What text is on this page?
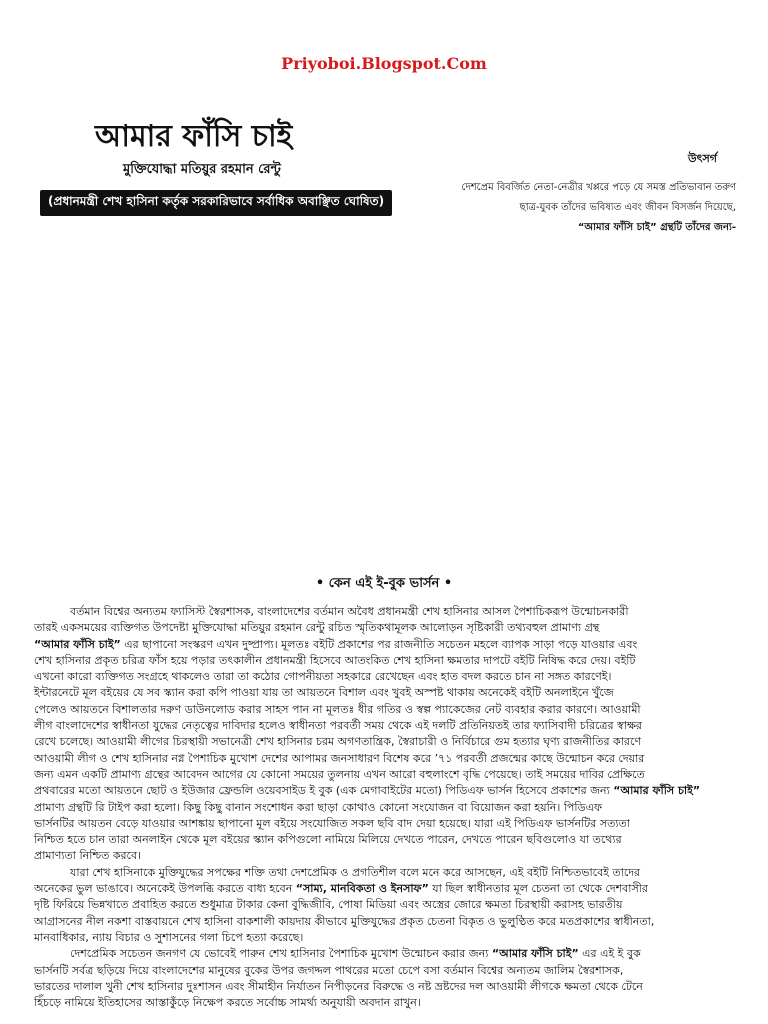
Priyoboi.Blogspot.Com
আমার ফাঁসি চাই
মুক্তিযোদ্ধা মতিয়ুর রহমান রেন্টু
(প্রধানমন্ত্রী শেখ হাসিনা কর্তৃক সরকারিভাবে সর্বাধিক অবাঞ্ছিত ঘোষিত)
উৎসর্গ
দেশপ্রেম বিবর্জিত নেতা-নেত্রীর খপ্পরে পড়ে যে সমস্ত প্রতিভাবান তরুণ
ছাত্র-যুবক তাঁদের ভবিষ্যত এবং জীবন বিসর্জন দিয়েছে,
“আমার ফাঁসি চাই” গ্রন্থটি তাঁদের জন্য-
• কেন এই ই-বুক ভার্সন •

বর্তমান বিশ্বের অন্যতম ফ্যাসিস্ট স্বৈরশাসক, বাংলাদেশের বর্তমান অবৈধ প্রধানমন্ত্রী শেখ হাসিনার আসল পৈশাচিকরূপ উন্মোচনকারী
তারই একসময়ের ব্যক্তিগত উপদেষ্টা মুক্তিযোদ্ধা মতিয়ুর রহমান রেন্টু রচিত স্মৃতিকথামূলক আলোড়ন সৃষ্টিকারী তথ্যবহুল প্রামাণ্য গ্রন্থ
“আমার ফাঁসি চাই” এর ছাপানো সংস্করণ এখন দুষ্প্রাপ্য। মূলতঃ বইটি প্রকাশের পর রাজনীতি সচেতন মহলে ব্যাপক সাড়া পড়ে যাওয়ার এবং
শেখ হাসিনার প্রকৃত চরিত্র ফাঁস হয়ে পড়ার তৎকালীন প্রধানমন্ত্রী হিসেবে আতংকিত শেখ হাসিনা ক্ষমতার দাপটে বইটি নিষিদ্ধ করে দেয়। বইটি
এখনো কারো ব্যক্তিগত সংগ্রহে থাকলেও তারা তা কঠোর গোপনীয়তা সহকারে রেখেছেন এবং হাত বদল করতে চান না সঙ্গত কারণেই।
ইন্টারনেটে মূল বইয়ের যে সব স্ক্যান করা কপি পাওয়া যায় তা আয়তনে বিশাল এবং খুবই অস্পষ্ট থাকায় অনেকেই বইটি অনলাইনে খুঁজে
পেলেও আয়তনে বিশালতার দরুণ ডাউনলোড করার সাহস পান না মূলতঃ ধীর গতির ও স্বল্প প্যাকেজের নেট ব্যবহার করার কারণে। আওয়ামী
লীগ বাংলাদেশের স্বাধীনতা যুদ্ধের নেতৃত্বের দাবিদার হলেও স্বাধীনতা পরবর্তী সময় থেকে এই দলটি প্রতিনিয়তই তার ফ্যাসিবাদী চরিত্রের স্বাক্ষর
রেখে চলেছে। আওয়ামী লীগের চিরস্থায়ী সভানেত্রী শেখ হাসিনার চরম অগণতান্ত্রিক, স্বৈরাচারী ও নির্বিচারে গুম হত্যার ঘৃণ্য রাজনীতির কারণে
আওয়ামী লীগ ও শেখ হাসিনার নগ্ন পৈশাচিক মুখোশ দেশের আপামর জনসাধারণ বিশেষ করে ’৭১ পরবর্তী প্রজন্মের কাছে উন্মোচন করে দেয়ার
জন্য এমন একটি প্রামাণ্য গ্রন্থের আবেদন আগের যে কোনো সময়ের তুলনায় এখন আরো বহুলাংশে বৃদ্ধি পেয়েছে। তাই সময়ের দাবির প্রেক্ষিতে
প্রথবারের মতো আয়তনে ছোট ও ইউজার ফ্রেন্ডলি ওয়েবসাইড ই বুক (এক মেগাবাইটের মতো) পিডিএফ ভার্সন হিসেবে প্রকাশের জন্য “আমার ফাঁসি চাই”
প্রামাণ্য গ্রন্থটি রি টাইপ করা হলো। কিছু কিছু বানান সংশোধন করা ছাড়া কোথাও কোনো সংযোজন বা বিয়োজন করা হয়নি। পিডিএফ
ভার্সনটির আয়তন বেড়ে যাওয়ার আশঙ্কায় ছাপানো মূল বইয়ে সংযোজিত সকল ছবি বাদ দেয়া হয়েছে। যারা এই পিডিএফ ভার্সনটির সত্যতা
নিশ্চিত হতে চান তারা অনলাইন থেকে মূল বইয়ের স্ক্যান কপিগুলো নামিয়ে মিলিয়ে দেখতে পারেন, দেখতে পারেন ছবিগুলোও যা তথ্যের
প্রামাণ্যতা নিশ্চিত করবে।

যারা শেখ হাসিনাকে মুক্তিযুদ্ধের সপক্ষের শক্তি তথা দেশপ্রেমিক ও প্রগতিশীল বলে মনে করে আসছেন, এই বইটি নিশ্চিতভাবেই তাদের
অনেকের ভুল ভাঙাবে। অনেকেই উপলব্ধি করতে বাধ্য হবেন “সাম্য, মানবিকতা ও ইনসাফ” যা ছিল স্বাধীনতার মূল চেতনা তা থেকে দেশবাসীর
দৃষ্টি ফিরিয়ে ভিন্নখাতে প্রবাহিত করতে শুধুমাত্র টাকার কেনা বুদ্ধিজীবি, পোষা মিডিয়া এবং অস্ত্রের জোরে ক্ষমতা চিরস্থায়ী করাসহ ভারতীয়
আগ্রাসনের নীল নকশা বাস্তবায়নে শেখ হাসিনা বাকশালী কায়দায় কীভাবে মুক্তিযুদ্ধের প্রকৃত চেতনা বিকৃত ও ভুলুণ্ঠিত করে মতপ্রকাশের স্বাধীনতা,
মানবাধিকার, ন্যায় বিচার ও সুশাসনের গলা চিপে হত্যা করেছে।

দেশপ্রেমিক সচেতন জনগণ যে ভোবেই পারুন শেখ হাসিনার পৈশাচিক মুখোশ উন্মোচন করার জন্য “আমার ফাঁসি চাই” এর এই ই বুক
ভার্সনটি সর্বত্র ছড়িয়ে দিয়ে বাংলাদেশের মানুষের বুকের উপর জগদ্দল পাথরের মতো চেপে বসা বর্তমান বিশ্বের অন্যতম জালিম স্বৈরশাসক,
ভারতের দালাল খুনী শেখ হাসিনার দুঃশাসন এবং সীমাহীন নির্যাতন নিপীড়নের বিরুদ্ধে ও নষ্ট ভ্রষ্টদের দল আওয়ামী লীগকে ক্ষমতা থেকে টেনে
হিঁচড়ে নামিয়ে ইতিহাসের আস্তাকুঁড়ে নিক্ষেপ করতে সর্বোচ্চ সামর্থ্য অনুযায়ী অবদান রাখুন।
